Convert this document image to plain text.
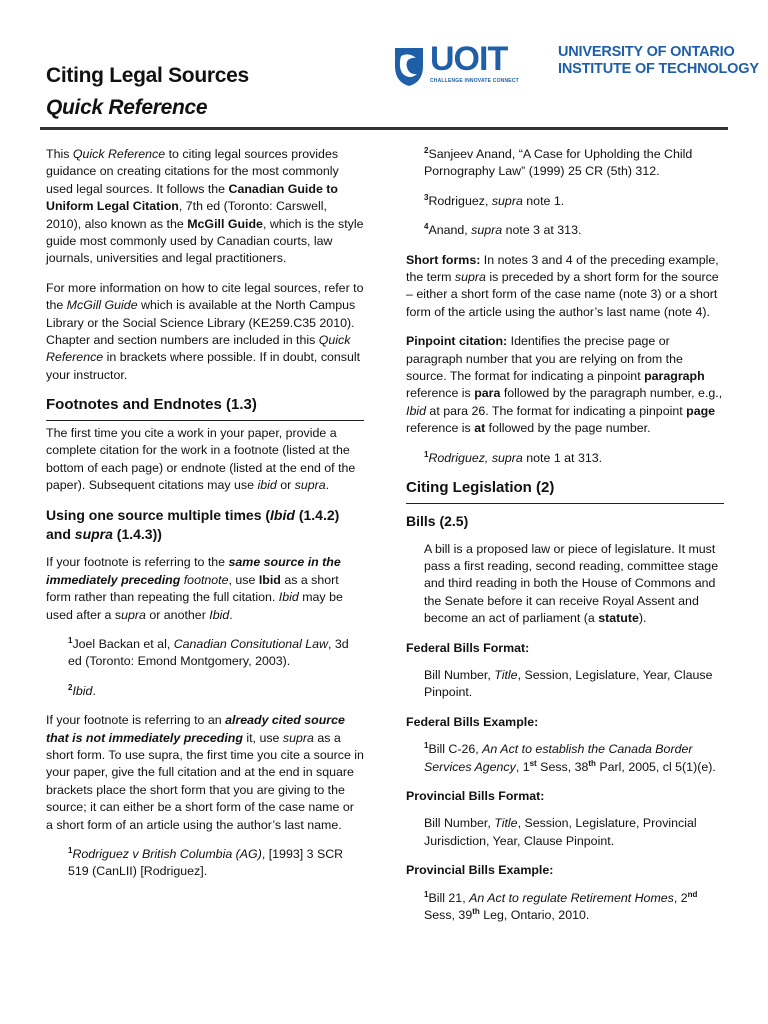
Citing Legal Sources
Quick Reference
UOIT
CHALLENGE INNOVATE CONNECT
UNIVERSITY OF ONTARIO
INSTITUTE OF TECHNOLOGY

This Quick Reference to citing legal sources provides guidance on creating citations for the most commonly used legal sources. It follows the Canadian Guide to Uniform Legal Citation, 7th ed (Toronto: Carswell, 2010), also known as the McGill Guide, which is the style guide most commonly used by Canadian courts, law journals, universities and legal practitioners.

For more information on how to cite legal sources, refer to the McGill Guide which is available at the North Campus Library or the Social Science Library (KE259.C35 2010). Chapter and section numbers are included in this Quick Reference in brackets where possible. If in doubt, consult your instructor.

Footnotes and Endnotes (1.3)

The first time you cite a work in your paper, provide a complete citation for the work in a footnote (listed at the bottom of each page) or endnote (listed at the end of the paper). Subsequent citations may use ibid or supra.

Using one source multiple times (Ibid (1.4.2) and supra (1.4.3))

If your footnote is referring to the same source in the immediately preceding footnote, use Ibid as a short form rather than repeating the full citation. Ibid may be used after a supra or another Ibid.

$^1$Joel Backan et al, Canadian Consitutional Law, 3d ed (Toronto: Emond Montgomery, 2003).

$^2$Ibid.

If your footnote is referring to an already cited source that is not immediately preceding it, use supra as a short form. To use supra, the first time you cite a source in your paper, give the full citation and at the end in square brackets place the short form that you are giving to the source; it can either be a short form of the case name or a short form of an article using the author’s last name.

$^1$Rodriguez v British Columbia (AG), [1993] 3 SCR 519 (CanLII) [Rodriguez].

$^2$Sanjeev Anand, “A Case for Upholding the Child Pornography Law” (1999) 25 CR (5th) 312.

$^3$Rodriguez, supra note 1.

$^4$Anand, supra note 3 at 313.

Short forms: In notes 3 and 4 of the preceding example, the term supra is preceded by a short form for the source – either a short form of the case name (note 3) or a short form of the article using the author’s last name (note 4).

Pinpoint citation: Identifies the precise page or paragraph number that you are relying on from the source. The format for indicating a pinpoint paragraph reference is para followed by the paragraph number, e.g., Ibid at para 26. The format for indicating a pinpoint page reference is at followed by the page number.

$^1$Rodriguez, supra note 1 at 313.

Citing Legislation (2)
Bills (2.5)

A bill is a proposed law or piece of legislature. It must pass a first reading, second reading, committee stage and third reading in both the House of Commons and the Senate before it can receive Royal Assent and become an act of parliament (a statute).

Federal Bills Format:

Bill Number, Title, Session, Legislature, Year, Clause Pinpoint.

Federal Bills Example:

$^1$Bill C-26, An Act to establish the Canada Border Services Agency, 1st Sess, 38th Parl, 2005, cl 5(1)(e).

Provincial Bills Format:

Bill Number, Title, Session, Legislature, Provincial Jurisdiction, Year, Clause Pinpoint.

Provincial Bills Example:

$^1$Bill 21, An Act to regulate Retirement Homes, 2nd Sess, 39th Leg, Ontario, 2010.
